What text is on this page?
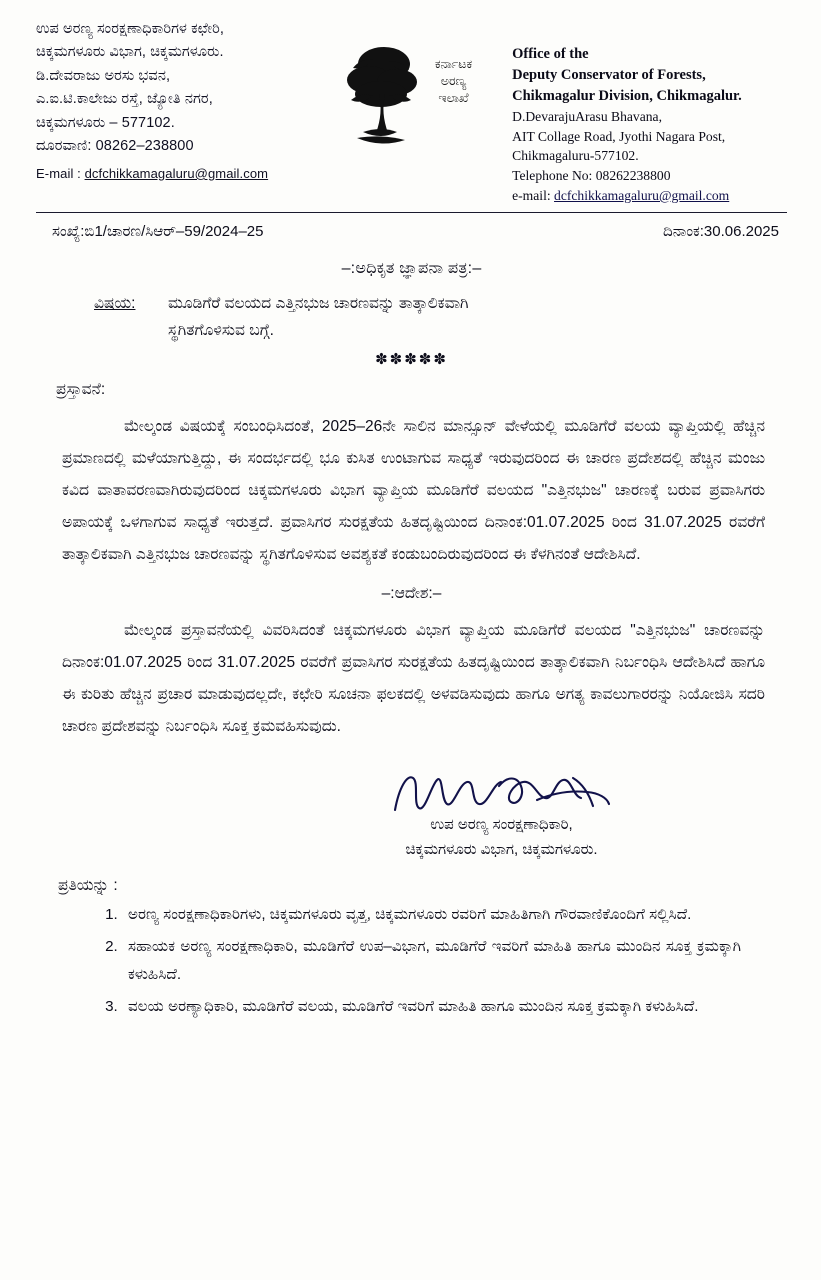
ಉಪ ಅರಣ್ಯ ಸಂರಕ್ಷಣಾಧಿಕಾರಿಗಳ ಕಛೇರಿ,
ಚಿಕ್ಕಮಗಳೂರು ವಿಭಾಗ, ಚಿಕ್ಕಮಗಳೂರು.
ಡಿ.ದೇವರಾಜು ಅರಸು ಭವನ,
ಎ.ಐ.ಟಿ.ಕಾಲೇಜು ರಸ್ತೆ, ಜ್ಯೋತಿ ನಗರ,
ಚಿಕ್ಕಮಗಳೂರು – 577102.
ದೂರವಾಣಿ: 08262–238800
E-mail : dcfchikkamagaluru@gmail.com
ಕರ್ನಾಟಕ
ಅರಣ್ಯ
ಇಲಾಖೆ
Office of the
Deputy Conservator of Forests,
Chikmagalur Division, Chikmagalur.
D.DevarajuArasu Bhavana,
AIT Collage Road, Jyothi Nagara Post,
Chikmagaluru-577102.
Telephone No: 08262238800
e-mail: dcfchikkamagaluru@gmail.com
ಸಂಖ್ಯೆ:ಬಿ1/ಚಾರಣ/ಸಿಆರ್–59/2024–25	ದಿನಾಂಕ:30.06.2025
–:ಅಧಿಕೃತ ಜ್ಞಾಪನಾ ಪತ್ರ:–
ವಿಷಯ:	ಮೂಡಿಗೆರೆ ವಲಯದ ಎತ್ತಿನಭುಜ ಚಾರಣವನ್ನು ತಾತ್ಕಾಲಿಕವಾಗಿ
ಸ್ಥಗಿತಗೊಳಿಸುವ ಬಗ್ಗೆ.
✽✽✽✽✽
ಪ್ರಸ್ತಾವನೆ:
ಮೇಲ್ಕಂಡ ವಿಷಯಕ್ಕೆ ಸಂಬಂಧಿಸಿದಂತೆ, 2025–26ನೇ ಸಾಲಿನ ಮಾನ್ಸೂನ್ ವೇಳೆಯಲ್ಲಿ ಮೂಡಿಗೆರೆ ವಲಯ ವ್ಯಾಪ್ತಿಯಲ್ಲಿ ಹೆಚ್ಚಿನ ಪ್ರಮಾಣದಲ್ಲಿ ಮಳೆಯಾಗುತ್ತಿದ್ದು, ಈ ಸಂದರ್ಭದಲ್ಲಿ ಭೂ ಕುಸಿತ ಉಂಟಾಗುವ ಸಾಧ್ಯತೆ ಇರುವುದರಿಂದ ಈ ಚಾರಣ ಪ್ರದೇಶದಲ್ಲಿ ಹೆಚ್ಚಿನ ಮಂಜು ಕವಿದ ವಾತಾವರಣವಾಗಿರುವುದರಿಂದ ಚಿಕ್ಕಮಗಳೂರು ವಿಭಾಗ ವ್ಯಾಪ್ತಿಯ ಮೂಡಿಗೆರೆ ವಲಯದ "ಎತ್ತಿನಭುಜ" ಚಾರಣಕ್ಕೆ ಬರುವ ಪ್ರವಾಸಿಗರು ಅಪಾಯಕ್ಕೆ ಒಳಗಾಗುವ ಸಾಧ್ಯತೆ ಇರುತ್ತದೆ. ಪ್ರವಾಸಿಗರ ಸುರಕ್ಷತೆಯ ಹಿತದೃಷ್ಟಿಯಿಂದ ದಿನಾಂಕ:01.07.2025 ರಿಂದ 31.07.2025 ರವರೆಗೆ ತಾತ್ಕಾಲಿಕವಾಗಿ ಎತ್ತಿನಭುಜ ಚಾರಣವನ್ನು ಸ್ಥಗಿತಗೊಳಿಸುವ ಅವಶ್ಯಕತೆ ಕಂಡುಬಂದಿರುವುದರಿಂದ ಈ ಕೆಳಗಿನಂತೆ ಆದೇಶಿಸಿದೆ.
–:ಆದೇಶ:–
ಮೇಲ್ಕಂಡ ಪ್ರಸ್ತಾವನೆಯಲ್ಲಿ ವಿವರಿಸಿದಂತೆ ಚಿಕ್ಕಮಗಳೂರು ವಿಭಾಗ ವ್ಯಾಪ್ತಿಯ ಮೂಡಿಗೆರೆ ವಲಯದ "ಎತ್ತಿನಭುಜ" ಚಾರಣವನ್ನು ದಿನಾಂಕ:01.07.2025 ರಿಂದ 31.07.2025 ರವರೆಗೆ ಪ್ರವಾಸಿಗರ ಸುರಕ್ಷತೆಯ ಹಿತದೃಷ್ಟಿಯಿಂದ ತಾತ್ಕಾಲಿಕವಾಗಿ ನಿರ್ಬಂಧಿಸಿ ಆದೇಶಿಸಿದೆ ಹಾಗೂ ಈ ಕುರಿತು ಹೆಚ್ಚಿನ ಪ್ರಚಾರ ಮಾಡುವುದಲ್ಲದೇ, ಕಛೇರಿ ಸೂಚನಾ ಫಲಕದಲ್ಲಿ ಅಳವಡಿಸುವುದು ಹಾಗೂ ಅಗತ್ಯ ಕಾವಲುಗಾರರನ್ನು ನಿಯೋಜಿಸಿ ಸದರಿ ಚಾರಣ ಪ್ರದೇಶವನ್ನು ನಿರ್ಬಂಧಿಸಿ ಸೂಕ್ತ ಕ್ರಮವಹಿಸುವುದು.
ಉಪ ಅರಣ್ಯ ಸಂರಕ್ಷಣಾಧಿಕಾರಿ,
ಚಿಕ್ಕಮಗಳೂರು ವಿಭಾಗ, ಚಿಕ್ಕಮಗಳೂರು.
ಪ್ರತಿಯನ್ನು :
1. ಅರಣ್ಯ ಸಂರಕ್ಷಣಾಧಿಕಾರಿಗಳು, ಚಿಕ್ಕಮಗಳೂರು ವೃತ್ತ, ಚಿಕ್ಕಮಗಳೂರು ರವರಿಗೆ ಮಾಹಿತಿಗಾಗಿ ಗೌರವಾಣಿಕೊಂದಿಗೆ ಸಲ್ಲಿಸಿದೆ.
2. ಸಹಾಯಕ ಅರಣ್ಯ ಸಂರಕ್ಷಣಾಧಿಕಾರಿ, ಮೂಡಿಗೆರೆ ಉಪ–ವಿಭಾಗ, ಮೂಡಿಗೆರೆ ಇವರಿಗೆ ಮಾಹಿತಿ ಹಾಗೂ ಮುಂದಿನ ಸೂಕ್ತ ಕ್ರಮಕ್ಕಾಗಿ ಕಳುಹಿಸಿದೆ.
3. ವಲಯ ಅರಣ್ಯಾಧಿಕಾರಿ, ಮೂಡಿಗೆರೆ ವಲಯ, ಮೂಡಿಗೆರೆ ಇವರಿಗೆ ಮಾಹಿತಿ ಹಾಗೂ ಮುಂದಿನ ಸೂಕ್ತ ಕ್ರಮಕ್ಕಾಗಿ ಕಳುಹಿಸಿದೆ.
